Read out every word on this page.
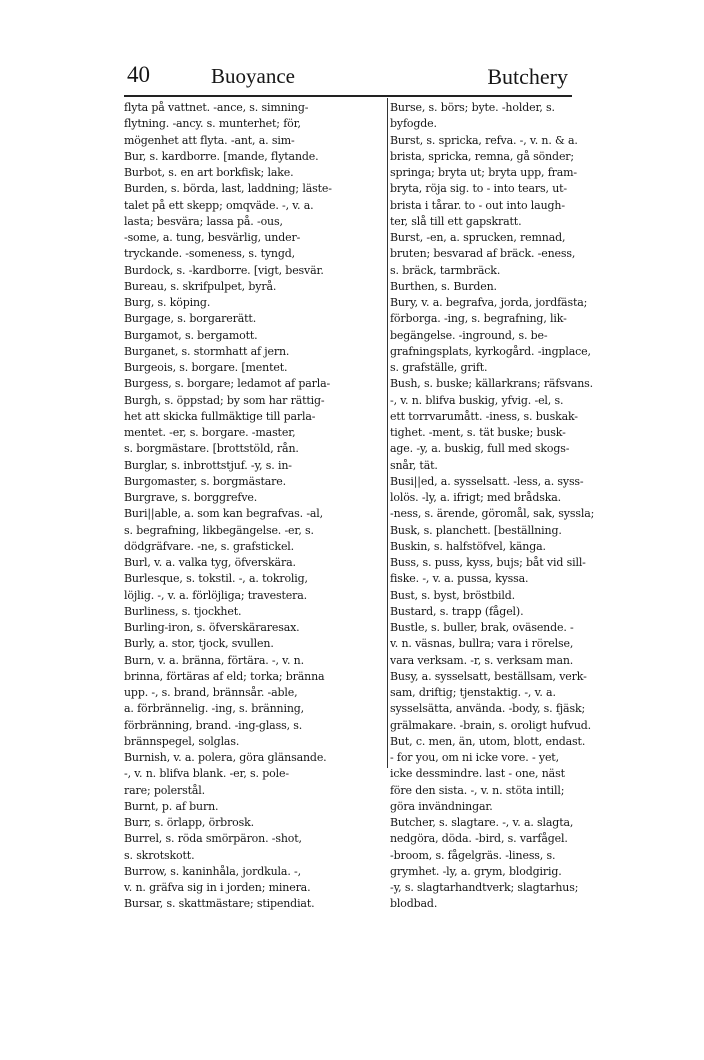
40	Buoyance	Butchery
flyta på vattnet. -ance, s. simning-
flytning. -ancy. s. munterhet; för,
mögenhet att flyta. -ant, a. sim-
Bur, s. kardborre. [mande, flytande.
Burbot, s. en art borkfisk; lake.
Burden, s. börda, last, laddning; läste-
talet på ett skepp; omqväde. -, v. a.
lasta; besvära; lassa på. -ous,
-some, a. tung, besvärlig, under-
tryckande. -someness, s. tyngd,
Burdock, s. -kardborre. [vigt, besvär.
Bureau, s. skrifpulpet, byrå.
Burg, s. köping.
Burgage, s. borgarerätt.
Burgamot, s. bergamott.
Burganet, s. stormhatt af jern.
Burgeois, s. borgare. [mentet.
Burgess, s. borgare; ledamot af parla-
Burgh, s. öppstad; by som har rättig-
het att skicka fullmäktige till parla-
mentet. -er, s. borgare. -master,
s. borgmästare. [brottstöld, rån.
Burglar, s. inbrottstjuf. -y, s. in-
Burgomaster, s. borgmästare.
Burgrave, s. borggrefve.
Buri||able, a. som kan begrafvas. -al,
s. begrafning, likbegängelse. -er, s.
dödgräfvare. -ne, s. grafstickel.
Burl, v. a. valka tyg, öfverskära.
Burlesque, s. tokstil. -, a. tokrolig,
löjlig. -, v. a. förlöjliga; travestera.
Burliness, s. tjockhet.
Burling-iron, s. öfverskäraresax.
Burly, a. stor, tjock, svullen.
Burn, v. a. bränna, förtära. -, v. n.
brinna, förtäras af eld; torka; bränna
upp. -, s. brand, brännsår. -able,
a. förbrännelig. -ing, s. bränning,
förbränning, brand. -ing-glass, s.
brännspegel, solglas.
Burnish, v. a. polera, göra glänsande.
-, v. n. blifva blank. -er, s. pole-
rare; polerstål.
Burnt, p. af burn.
Burr, s. örlapp, örbrosk.
Burrel, s. röda smörpäron. -shot,
s. skrotskott.
Burrow, s. kaninhåla, jordkula. -,
v. n. gräfva sig in i jorden; minera.
Bursar, s. skattmästare; stipendiat.
Burse, s. börs; byte. -holder, s.
byfogde.
Burst, s. spricka, refva. -, v. n. & a.
brista, spricka, remna, gå sönder;
springa; bryta ut; bryta upp, fram-
bryta, röja sig. to - into tears, ut-
brista i tårar. to - out into laugh-
ter, slå till ett gapskratt.
Burst, -en, a. sprucken, remnad,
bruten; besvarad af bräck. -eness,
s. bräck, tarmbräck.
Burthen, s. Burden.
Bury, v. a. begrafva, jorda, jordfästa;
förborga. -ing, s. begrafning, lik-
begängelse. -inground, s. be-
grafningsplats, kyrkogård. -ingplace,
s. grafställe, grift.
Bush, s. buske; källarkrans; räfsvans.
-, v. n. blifva buskig, yfvig. -el, s.
ett torrvarumått. -iness, s. buskak-
tighet. -ment, s. tät buske; busk-
age. -y, a. buskig, full med skogs-
snår, tät.
Busi||ed, a. sysselsatt. -less, a. syss-
lolös. -ly, a. ifrigt; med brådska.
-ness, s. ärende, göromål, sak, syssla;
Busk, s. planchett. [beställning.
Buskin, s. halfstöfvel, känga.
Buss, s. puss, kyss, bujs; båt vid sill-
fiske. -, v. a. pussa, kyssa.
Bust, s. byst, bröstbild.
Bustard, s. trapp (fågel).
Bustle, s. buller, brak, oväsende. -
v. n. väsnas, bullra; vara i rörelse,
vara verksam. -r, s. verksam man.
Busy, a. sysselsatt, beställsam, verk-
sam, driftig; tjenstaktig. -, v. a.
sysselsätta, använda. -body, s. fjäsk;
grälmakare. -brain, s. oroligt hufvud.
But, c. men, än, utom, blott, endast.
- for you, om ni icke vore. - yet,
icke dessmindre. last - one, näst
före den sista. -, v. n. stöta intill;
göra invändningar.
Butcher, s. slagtare. -, v. a. slagta,
nedgöra, döda. -bird, s. varfågel.
-broom, s. fågelgräs. -liness, s.
grymhet. -ly, a. grym, blodgirig.
-y, s. slagtarhandtverk; slagtarhus;
blodbad.
